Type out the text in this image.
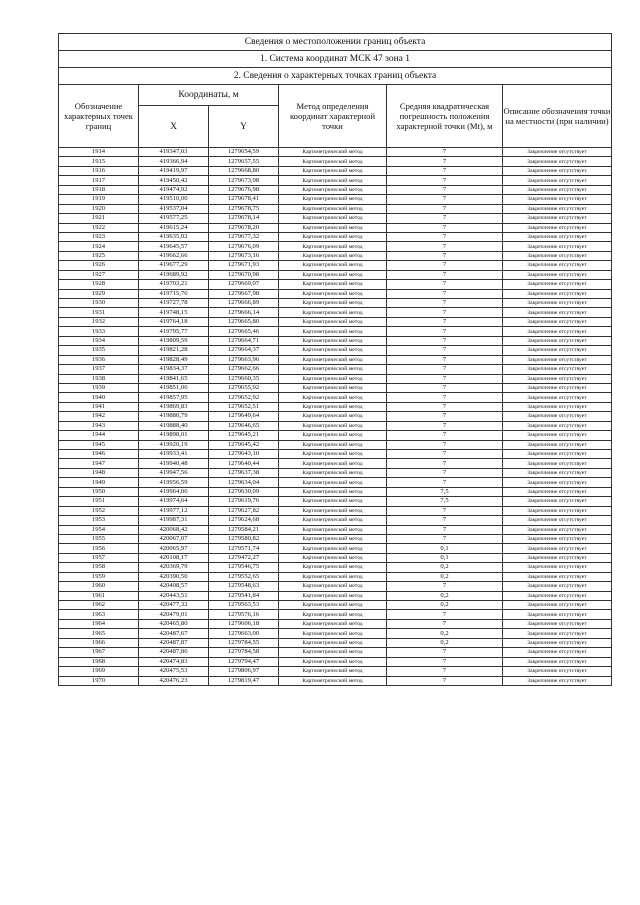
Сведения о местоположении границ объекта					
1. Система координат МСК 47 зона 1					
2. Сведения о характерных точках границ объекта					
Обозначение характерных точек границ	Координаты, м		Метод определения координат характерной точки	Средняя квадратическая погрешность положения характерной точки (Mt), м	Описание обозначения точки на местности (при наличии)
	X	Y			
1914	419347,03	1279654,59	Картометрический метод	7	Закрепление отсутствует
1915	419366,94	1279657,55	Картометрический метод	7	Закрепление отсутствует
1916	419419,97	1279668,80	Картометрический метод	7	Закрепление отсутствует
1917	419450,42	1279673,98	Картометрический метод	7	Закрепление отсутствует
1918	419474,92	1279676,98	Картометрический метод	7	Закрепление отсутствует
1919	419510,00	1279678,41	Картометрический метод	7	Закрепление отсутствует
1920	419537,04	1279678,75	Картометрический метод	7	Закрепление отсутствует
1921	419577,25	1279678,14	Картометрический метод	7	Закрепление отсутствует
1922	419615,24	1279678,20	Картометрический метод	7	Закрепление отсутствует
1923	419635,02	1279677,32	Картометрический метод	7	Закрепление отсутствует
1924	419645,57	1279676,09	Картометрический метод	7	Закрепление отсутствует
1925	419662,66	1279673,16	Картометрический метод	7	Закрепление отсутствует
1926	419677,29	1279671,93	Картометрический метод	7	Закрепление отсутствует
1927	419689,92	1279670,98	Картометрический метод	7	Закрепление отсутствует
1928	419703,21	1279669,07	Картометрический метод	7	Закрепление отсутствует
1929	419715,76	1279667,98	Картометрический метод	7	Закрепление отсутствует
1930	419727,78	1279666,89	Картометрический метод	7	Закрепление отсутствует
1931	419748,15	1279666,14	Картометрический метод	7	Закрепление отсутствует
1932	419764,18	1279665,80	Картометрический метод	7	Закрепление отсутствует
1933	419795,77	1279665,46	Картометрический метод	7	Закрепление отсутствует
1934	419809,59	1279664,71	Картометрический метод	7	Закрепление отсутствует
1935	419821,28	1279664,37	Картометрический метод	7	Закрепление отсутствует
1936	419828,49	1279663,96	Картометрический метод	7	Закрепление отсутствует
1937	419834,37	1279662,66	Картометрический метод	7	Закрепление отсутствует
1938	419841,65	1279660,35	Картометрический метод	7	Закрепление отсутствует
1939	419851,06	1279655,92	Картометрический метод	7	Закрепление отсутствует
1940	419857,95	1279652,92	Картометрический метод	7	Закрепление отсутствует
1941	419869,83	1279652,51	Картометрический метод	7	Закрепление отсутствует
1942	419880,79	1279649,64	Картометрический метод	7	Закрепление отсутствует
1943	419888,40	1279646,65	Картометрический метод	7	Закрепление отсутствует
1944	419898,01	1279645,21	Картометрический метод	7	Закрепление отсутствует
1945	419920,19	1279645,42	Картометрический метод	7	Закрепление отсутствует
1946	419933,41	1279643,10	Картометрический метод	7	Закрепление отсутствует
1947	419940,48	1279640,44	Картометрический метод	7	Закрепление отсутствует
1948	419947,56	1279637,38	Картометрический метод	7	Закрепление отсутствует
1949	419956,59	1279634,04	Картометрический метод	7	Закрепление отсутствует
1950	419964,06	1279630,09	Картометрический метод	7,5	Закрепление отсутствует
1951	419974,64	1279619,76	Картометрический метод	7,5	Закрепление отсутствует
1952	419977,12	1279627,82	Картометрический метод	7	Закрепление отсутствует
1953	419987,31	1279624,68	Картометрический метод	7	Закрепление отсутствует
1954	420068,42	1279584,21	Картометрический метод	7	Закрепление отсутствует
1955	420067,07	1279580,82	Картометрический метод	7	Закрепление отсутствует
1956	420065,97	1279571,74	Картометрический метод	0,1	Закрепление отсутствует
1957	420108,17	1279472,27	Картометрический метод	0,1	Закрепление отсутствует
1958	420369,79	1279546,75	Картометрический метод	0,2	Закрепление отсутствует
1959	420390,50	1279552,65	Картометрический метод	0,2	Закрепление отсутствует
1960	420408,57	1279548,63	Картометрический метод	7	Закрепление отсутствует
1961	420443,51	1279541,84	Картометрический метод	0,2	Закрепление отсутствует
1962	420477,32	1279563,53	Картометрический метод	0,2	Закрепление отсутствует
1963	420479,01	1279576,16	Картометрический метод	7	Закрепление отсутствует
1964	420465,80	1279606,18	Картометрический метод	7	Закрепление отсутствует
1965	420487,67	1279663,00	Картометрический метод	0,2	Закрепление отсутствует
1966	420487,87	1279784,55	Картометрический метод	0,2	Закрепление отсутствует
1967	420487,86	1279784,58	Картометрический метод	7	Закрепление отсутствует
1968	420474,83	1279794,47	Картометрический метод	7	Закрепление отсутствует
1969	420475,53	1279806,97	Картометрический метод	7	Закрепление отсутствует
1970	420476,23	1279819,47	Картометрический метод	7	Закрепление отсутствует
